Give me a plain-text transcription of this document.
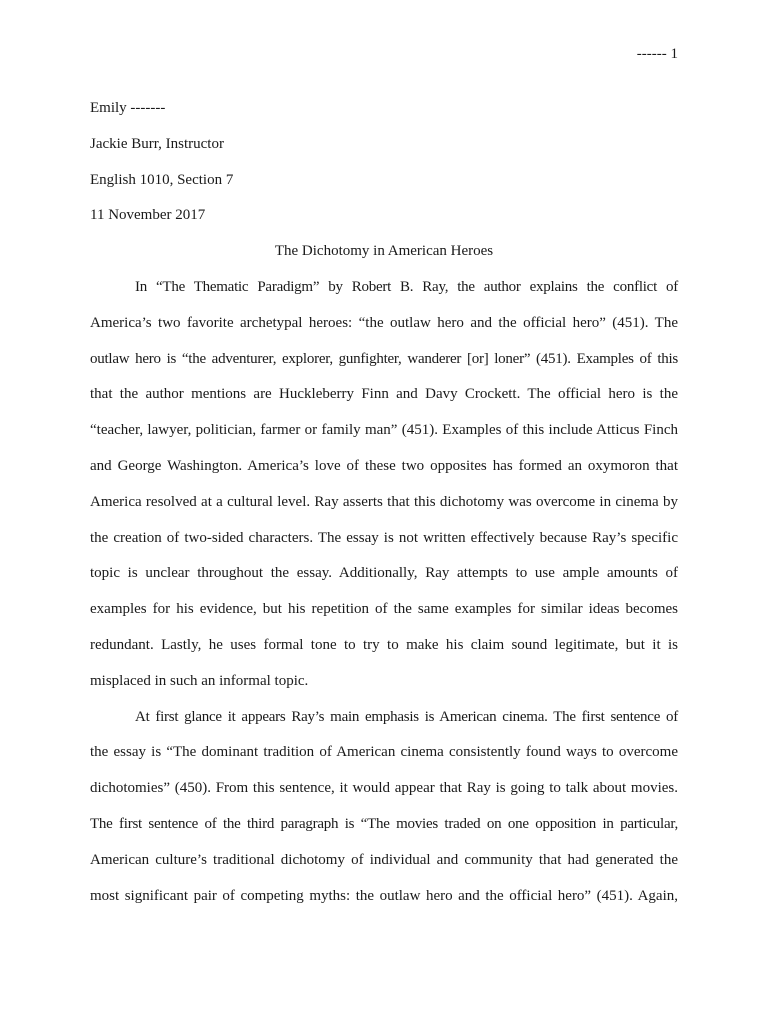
------ 1
Emily -------
Jackie Burr, Instructor
English 1010, Section 7
11 November 2017
The Dichotomy in American Heroes
In “The Thematic Paradigm” by Robert B. Ray, the author explains the conflict of
America’s two favorite archetypal heroes: “the outlaw hero and the official hero” (451). The
outlaw hero is “the adventurer, explorer, gunfighter, wanderer [or] loner” (451). Examples of this
that the author mentions are Huckleberry Finn and Davy Crockett. The official hero is the
“teacher, lawyer, politician, farmer or family man” (451). Examples of this include Atticus Finch
and George Washington. America’s love of these two opposites has formed an oxymoron that
America resolved at a cultural level. Ray asserts that this dichotomy was overcome in cinema by
the creation of two-sided characters. The essay is not written effectively because Ray’s specific
topic is unclear throughout the essay. Additionally, Ray attempts to use ample amounts of
examples for his evidence, but his repetition of the same examples for similar ideas becomes
redundant. Lastly, he uses formal tone to try to make his claim sound legitimate, but it is
misplaced in such an informal topic.
At first glance it appears Ray’s main emphasis is American cinema. The first sentence of
the essay is “The dominant tradition of American cinema consistently found ways to overcome
dichotomies” (450). From this sentence, it would appear that Ray is going to talk about movies.
The first sentence of the third paragraph is “The movies traded on one opposition in particular,
American culture’s traditional dichotomy of individual and community that had generated the
most significant pair of competing myths: the outlaw hero and the official hero” (451). Again,
